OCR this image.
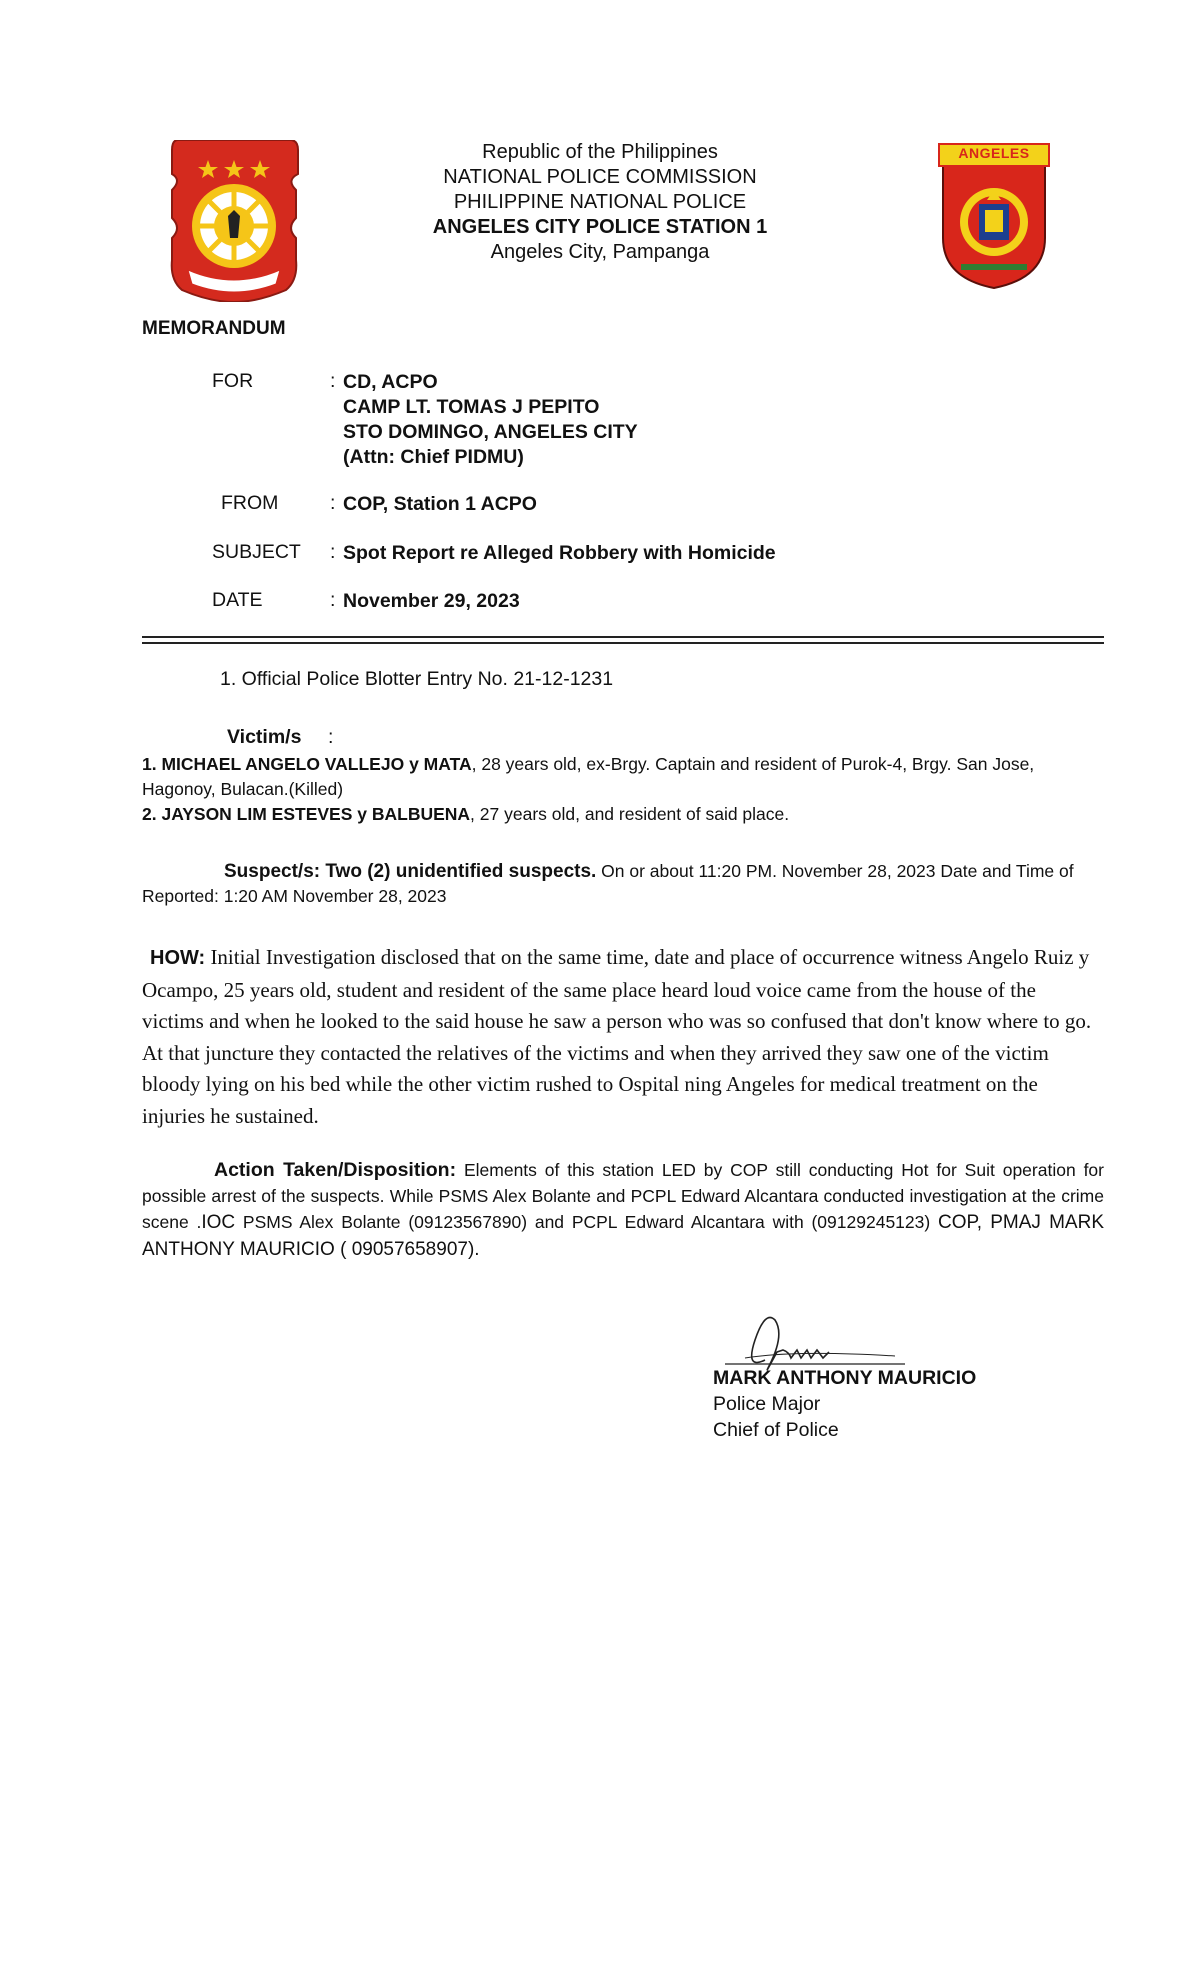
ANGELES
Republic of the Philippines
NATIONAL POLICE COMMISSION
PHILIPPINE NATIONAL POLICE
ANGELES CITY POLICE STATION 1
Angeles City, Pampanga
MEMORANDUM
FOR	: CD, ACPO
CAMP LT. TOMAS J PEPITO
STO DOMINGO, ANGELES CITY
(Attn: Chief PIDMU)
FROM	: COP, Station 1 ACPO
SUBJECT : Spot Report re Alleged Robbery with Homicide
DATE	: November 29, 2023
1. Official Police Blotter Entry No. 21-12-1231
Victim/s :
1. MICHAEL ANGELO VALLEJO y MATA, 28 years old, ex-Brgy. Captain and resident of Purok-4, Brgy. San Jose, Hagonoy, Bulacan.(Killed)
2. JAYSON LIM ESTEVES y BALBUENA, 27 years old, and resident of said place.
Suspect/s: Two (2) unidentified suspects. On or about 11:20 PM. November 28, 2023 Date and Time of Reported: 1:20 AM November 28, 2023
HOW: Initial Investigation disclosed that on the same time, date and place of occurrence witness Angelo Ruiz y Ocampo, 25 years old, student and resident of the same place heard loud voice came from the house of the victims and when he looked to the said house he saw a person who was so confused that don't know where to go. At that juncture they contacted the relatives of the victims and when they arrived they saw one of the victim bloody lying on his bed while the other victim rushed to Ospital ning Angeles for medical treatment on the injuries he sustained.
Action Taken/Disposition: Elements of this station LED by COP still conducting Hot for Suit operation for possible arrest of the suspects. While PSMS Alex Bolante and PCPL Edward Alcantara conducted investigation at the crime scene .IOC PSMS Alex Bolante (09123567890) and PCPL Edward Alcantara with (09129245123) COP, PMAJ MARK ANTHONY MAURICIO ( 09057658907).
MARK ANTHONY MAURICIO
Police Major
Chief of Police
